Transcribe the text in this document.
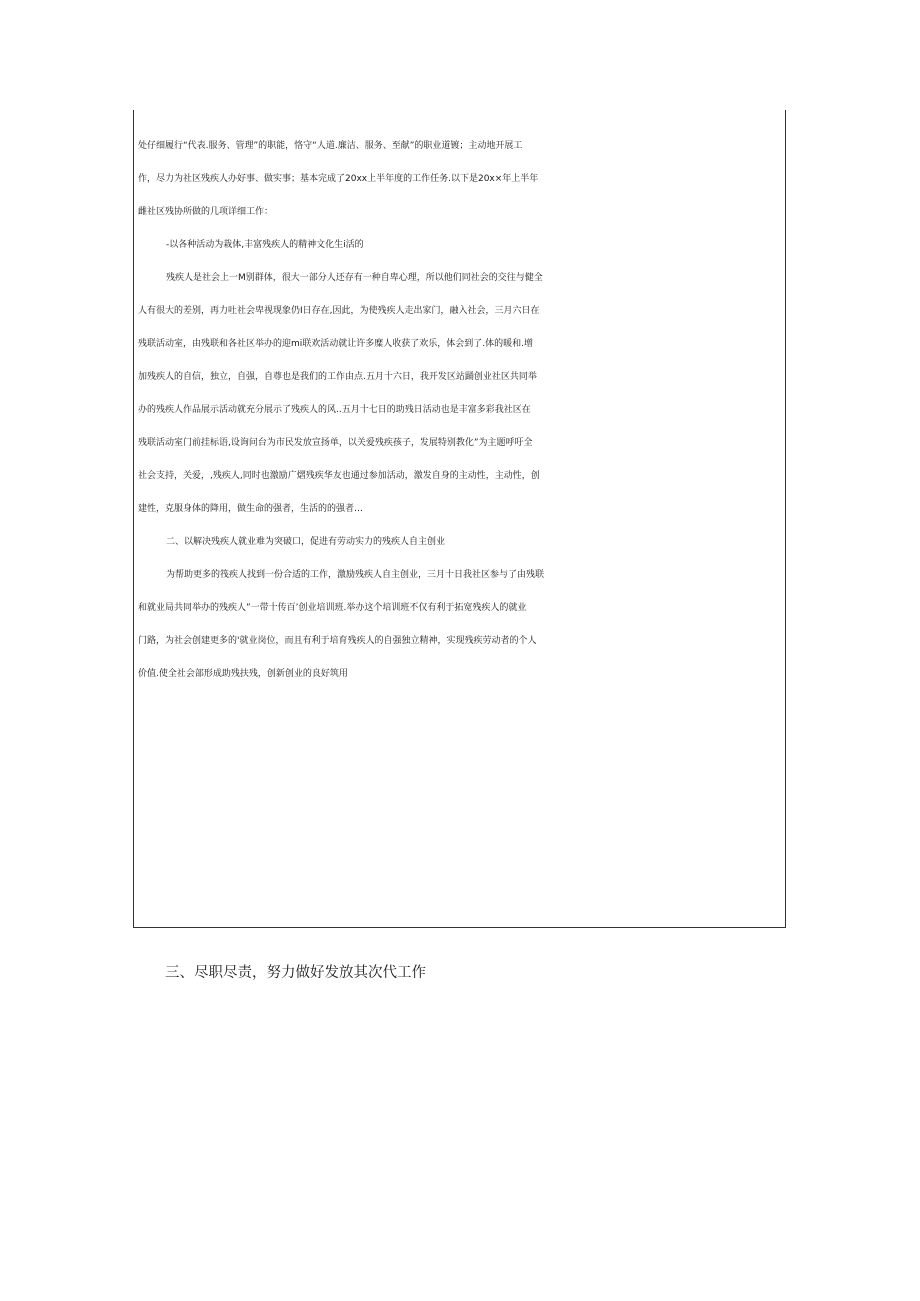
处仔细履行“代表.服务、管理”的职能，恪守“人道.廉洁、服务、至献”的职业道镀；主动地开展工
作，尽力为社区残疾人办好事、做实事；基本完成了20xx上半年度的工作任务.以下是20x×年上半年
雌社区残协所做的几项详细工作：
-以各种活动为栽体,丰富残疾人的精神文化生i活的
残疾人是社会上一M别群体，很大一部分人还存有一种自卑心理，所以他们同社会的交往与健全
人有很大的差别，再力吐社会卑视现象仍I日存在,因此，为使残疾人走出家门，融入社会，三月六日在
残联活动室，由残联和各社区举办的迎mi联欢活动就让许多糜人收获了欢乐，体会到了.体的暖和.增
加残疾人的自信，独立，自强，自尊也是我们的工作由点.五月十六日，我开发区站踊创业社区共同举
办的残疾人作品展示活动就充分展示了残疾人的风..五月十七日的助残日活动也是丰富多彩我社区在
残联活动室门前挂标语,设询问台为市民发放宣扬单，以关爱残疾孩子，发展特别教化”为主题呼吁全
社会支持，关爱，,残疾人,同时也激励广熠残疾华友也通过参加活动，激发自身的主动性，主动性，创
建性，克服身体的降用，做生命的强者，生活的的强者…
二、以解决残疾人就业难为突破口，促进有劳动实力的残疾人自主创业
为帮助更多的筏疾人找到一份合适的工作，激励残疾人自主创业，三月十日我社区参与了由残联
和就业局共同举办的残疾人”一带十传百’创业培训班.举办这个培训班不仅有利于拓宽残疾人的就业
门路，为社会创建更多的'就业岗位，而且有利于培育残疾人的自强独立精神，实现残疾劳动者的个人
价值.使全社会部形成助残扶残，创新创业的良好筑用
三、尽职尽责，努力做好发放其次代工作
